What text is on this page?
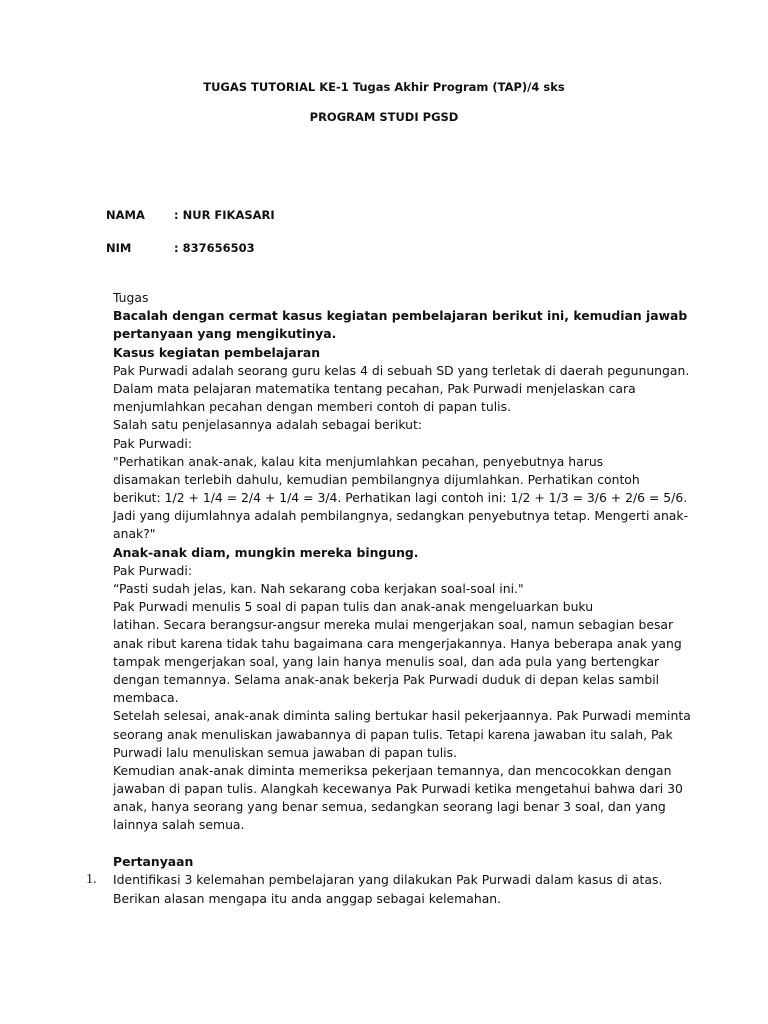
TUGAS TUTORIAL KE-1 Tugas Akhir Program (TAP)/4 sks

PROGRAM STUDI PGSD

NAMA	: NUR FIKASARI
NIM	: 837656503
Tugas
Bacalah dengan cermat kasus kegiatan pembelajaran berikut ini, kemudian jawab
pertanyaan yang mengikutinya.
Kasus kegiatan pembelajaran
Pak Purwadi adalah seorang guru kelas 4 di sebuah SD yang terletak di daerah pegunungan.
Dalam mata pelajaran matematika tentang pecahan, Pak Purwadi menjelaskan cara
menjumlahkan pecahan dengan memberi contoh di papan tulis.
Salah satu penjelasannya adalah sebagai berikut:
Pak Purwadi:
"Perhatikan anak-anak, kalau kita menjumlahkan pecahan, penyebutnya harus
disamakan terlebih dahulu, kemudian pembilangnya dijumlahkan. Perhatikan contoh
berikut: 1/2 + 1/4 = 2/4 + 1/4 = 3/4. Perhatikan lagi contoh ini: 1/2 + 1/3 = 3/6 + 2/6 = 5/6.
Jadi yang dijumlahnya adalah pembilangnya, sedangkan penyebutnya tetap. Mengerti anak-
anak?"
Anak-anak diam, mungkin mereka bingung.
Pak Purwadi:
“Pasti sudah jelas, kan. Nah sekarang coba kerjakan soal-soal ini."
Pak Purwadi menulis 5 soal di papan tulis dan anak-anak mengeluarkan buku
latihan. Secara berangsur-angsur mereka mulai mengerjakan soal, namun sebagian besar
anak ribut karena tidak tahu bagaimana cara mengerjakannya. Hanya beberapa anak yang
tampak mengerjakan soal, yang lain hanya menulis soal, dan ada pula yang bertengkar
dengan temannya. Selama anak-anak bekerja Pak Purwadi duduk di depan kelas sambil
membaca.
Setelah selesai, anak-anak diminta saling bertukar hasil pekerjaannya. Pak Purwadi meminta
seorang anak menuliskan jawabannya di papan tulis. Tetapi karena jawaban itu salah, Pak
Purwadi lalu menuliskan semua jawaban di papan tulis.
Kemudian anak-anak diminta memeriksa pekerjaan temannya, dan mencocokkan dengan
jawaban di papan tulis. Alangkah kecewanya Pak Purwadi ketika mengetahui bahwa dari 30
anak, hanya seorang yang benar semua, sedangkan seorang lagi benar 3 soal, dan yang
lainnya salah semua.
Pertanyaan
1. Identifikasi 3 kelemahan pembelajaran yang dilakukan Pak Purwadi dalam kasus di atas.
Berikan alasan mengapa itu anda anggap sebagai kelemahan.
